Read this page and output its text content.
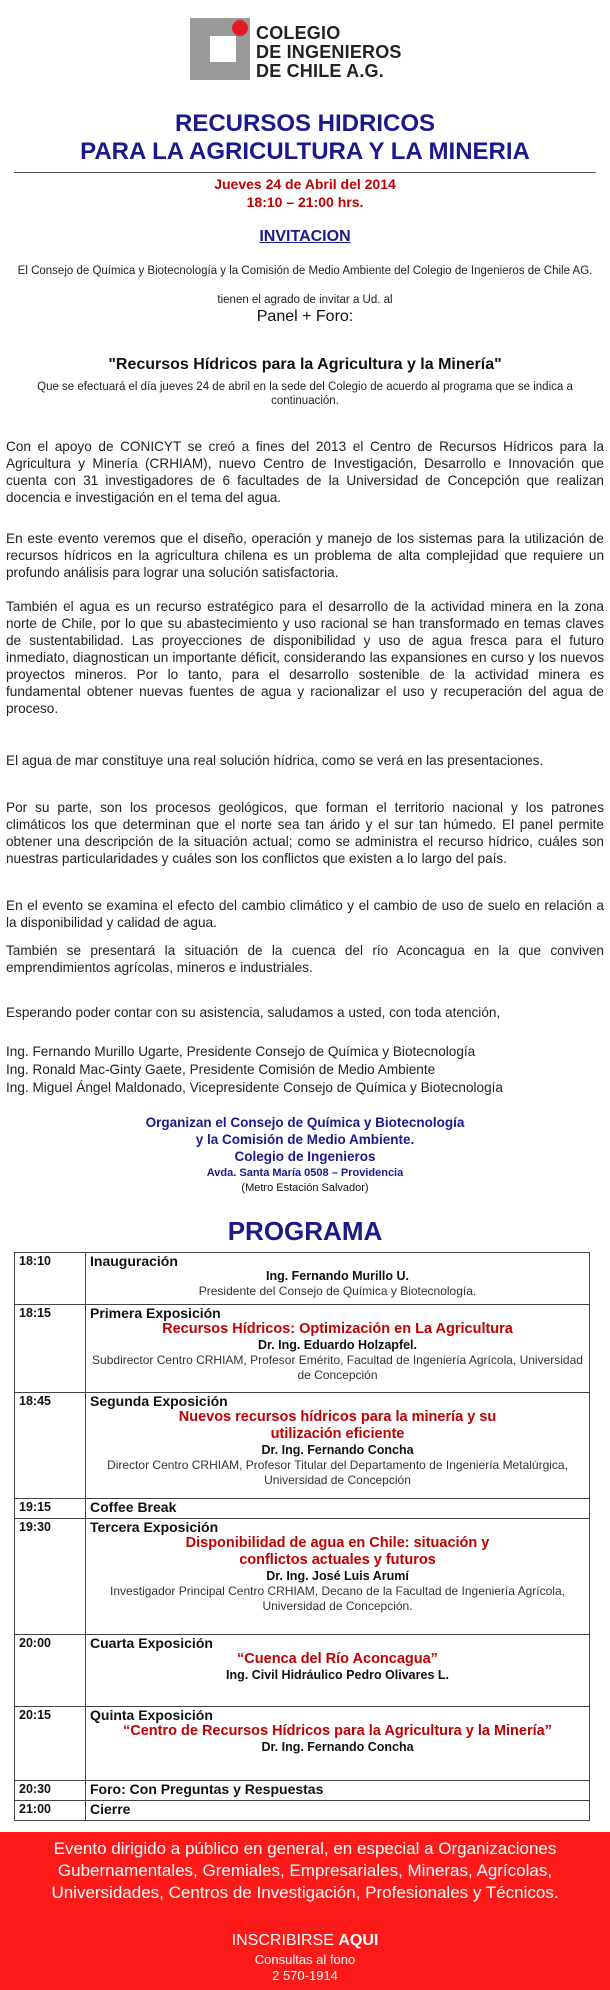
COLEGIO
DE INGENIEROS
DE CHILE A.G.
RECURSOS HIDRICOS
PARA LA AGRICULTURA Y LA MINERIA
Jueves 24 de Abril del 2014
18:10 – 21:00 hrs.
INVITACION
El Consejo de Química y Biotecnología y la Comisión de Medio Ambiente del Colegio de Ingenieros de Chile AG.
tienen el agrado de invitar a Ud. al
Panel + Foro:
"Recursos Hídricos para la Agricultura y la Minería"
Que se efectuará el día jueves 24 de abril en la sede del Colegio de acuerdo al programa que se indica a continuación.
Con el apoyo de CONICYT se creó a fines del 2013 el Centro de Recursos Hídricos para la Agricultura y Minería (CRHIAM), nuevo Centro de Investigación, Desarrollo e Innovación que cuenta con 31 investigadores de 6 facultades de la Universidad de Concepción que realizan docencia e investigación en el tema del agua.
En este evento veremos que el diseño, operación y manejo de los sistemas para la utilización de recursos hídricos en la agricultura chilena es un problema de alta complejidad que requiere un profundo análisis para lograr una solución satisfactoria.
También el agua es un recurso estratégico para el desarrollo de la actividad minera en la zona norte de Chile, por lo que su abastecimiento y uso racional se han transformado en temas claves de sustentabilidad. Las proyecciones de disponibilidad y uso de agua fresca para el futuro inmediato, diagnostican un importante déficit, considerando las expansiones en curso y los nuevos proyectos mineros. Por lo tanto, para el desarrollo sostenible de la actividad minera es fundamental obtener nuevas fuentes de agua y racionalizar el uso y recuperación del agua de proceso.
El agua de mar constituye una real solución hídrica, como se verá en las presentaciones.
Por su parte, son los procesos geológicos, que forman el territorio nacional y los patrones climáticos los que determinan que el norte sea tan árido y el sur tan húmedo. El panel permite obtener una descripción de la situación actual; como se administra el recurso hídrico, cuáles son nuestras particularidades y cuáles son los conflictos que existen a lo largo del país.
En el evento se examina el efecto del cambio climático y el cambio de uso de suelo en relación a la disponibilidad y calidad de agua.
También se presentará la situación de la cuenca del río Aconcagua en la que conviven emprendimientos agrícolas, mineros e industriales.
Esperando poder contar con su asistencia, saludamos a usted, con toda atención,
Ing. Fernando Murillo Ugarte, Presidente Consejo de Química y Biotecnología
Ing. Ronald Mac-Ginty Gaete, Presidente Comisión de Medio Ambiente
Ing. Miguel Ángel Maldonado, Vicepresidente Consejo de Química y Biotecnología
Organizan el Consejo de Química y Biotecnología
y la Comisión de Medio Ambiente.
Colegio de Ingenieros
Avda. Santa María 0508 – Providencia
(Metro Estación Salvador)
PROGRAMA
18:10	Inauguración
Ing. Fernando Murillo U.
Presidente del Consejo de Química y Biotecnología.

18:15	Primera Exposición
Recursos Hídricos: Optimización en La Agricultura
Dr. Ing. Eduardo Holzapfel.
Subdirector Centro CRHIAM, Profesor Emérito, Facultad de Ingeniería Agrícola, Universidad de Concepción

18:45	Segunda Exposición
Nuevos recursos hídricos para la minería y su utilización eficiente
Dr. Ing. Fernando Concha
Director Centro CRHIAM, Profesor Titular del Departamento de Ingeniería Metalúrgica, Universidad de Concepción

19:15	Coffee Break

19:30	Tercera Exposición
Disponibilidad de agua en Chile: situación y conflictos actuales y futuros
Dr. Ing. José Luis Arumí
Investigador Principal Centro CRHIAM, Decano de la Facultad de Ingeniería Agrícola, Universidad de Concepción.

20:00	Cuarta Exposición
“Cuenca del Río Aconcagua”
Ing. Civil Hidráulico Pedro Olivares L.

20:15	Quinta Exposición
“Centro de Recursos Hídricos para la Agricultura y la Minería”
Dr. Ing. Fernando Concha

20:30	Foro: Con Preguntas y Respuestas

21:00	Cierre
Evento dirigido a público en general, en especial a Organizaciones Gubernamentales, Gremiales, Empresariales, Mineras, Agrícolas, Universidades, Centros de Investigación, Profesionales y Técnicos.
INSCRIBIRSE AQUI
Consultas al fono
2 570-1914
